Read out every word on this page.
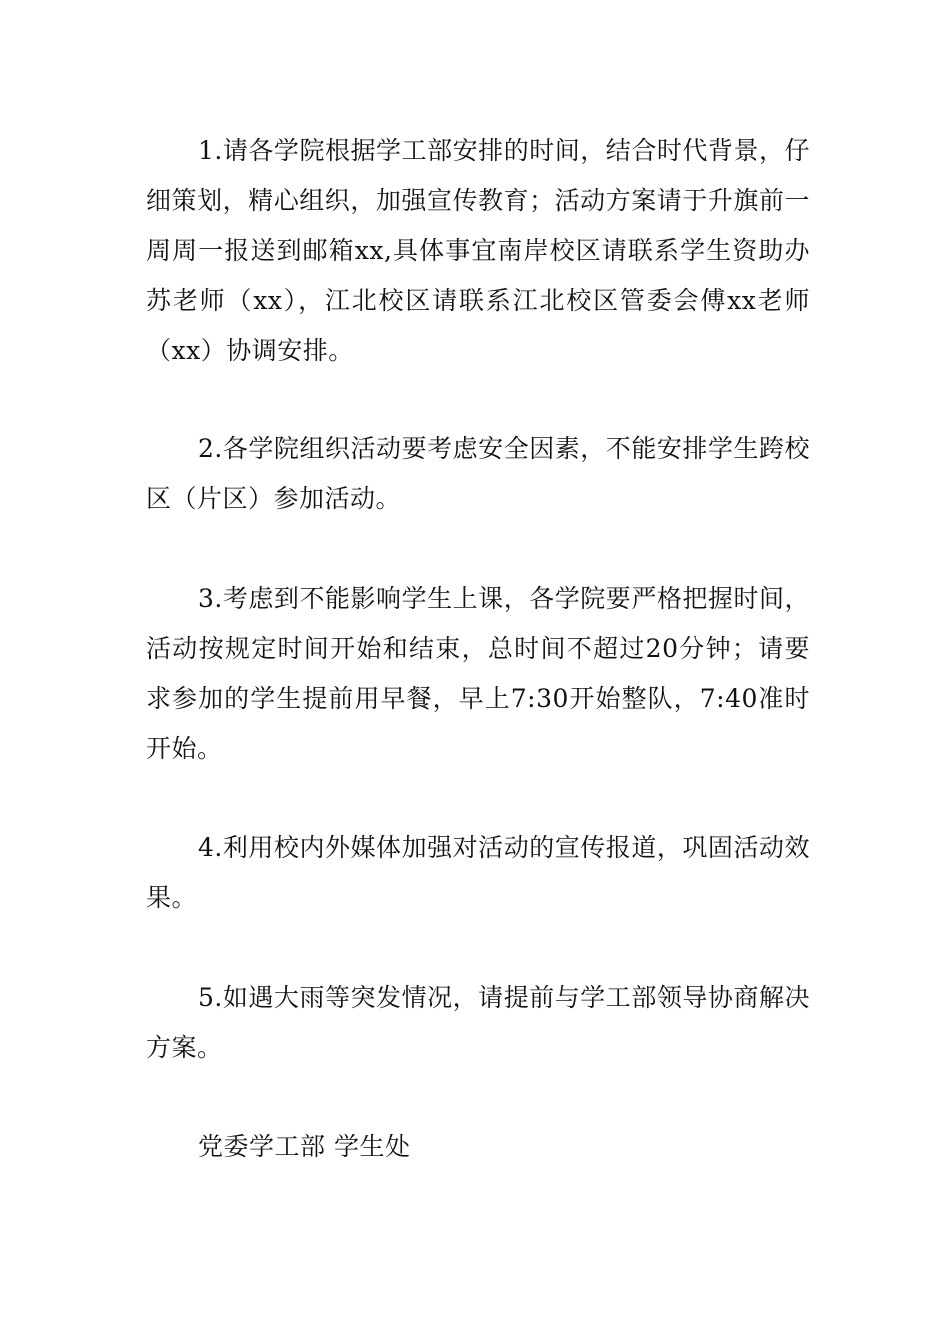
1.请各学院根据学工部安排的时间，结合时代背景，仔细策划，精心组织，加强宣传教育；活动方案请于升旗前一周周一报送到邮箱xx,具体事宜南岸校区请联系学生资助办苏老师（xx），江北校区请联系江北校区管委会傅xx老师（xx）协调安排。

2.各学院组织活动要考虑安全因素，不能安排学生跨校区（片区）参加活动。

3.考虑到不能影响学生上课，各学院要严格把握时间，活动按规定时间开始和结束，总时间不超过20分钟；请要求参加的学生提前用早餐，早上7:30开始整队，7:40准时开始。

4.利用校内外媒体加强对活动的宣传报道，巩固活动效果。

5.如遇大雨等突发情况，请提前与学工部领导协商解决方案。

党委学工部 学生处
